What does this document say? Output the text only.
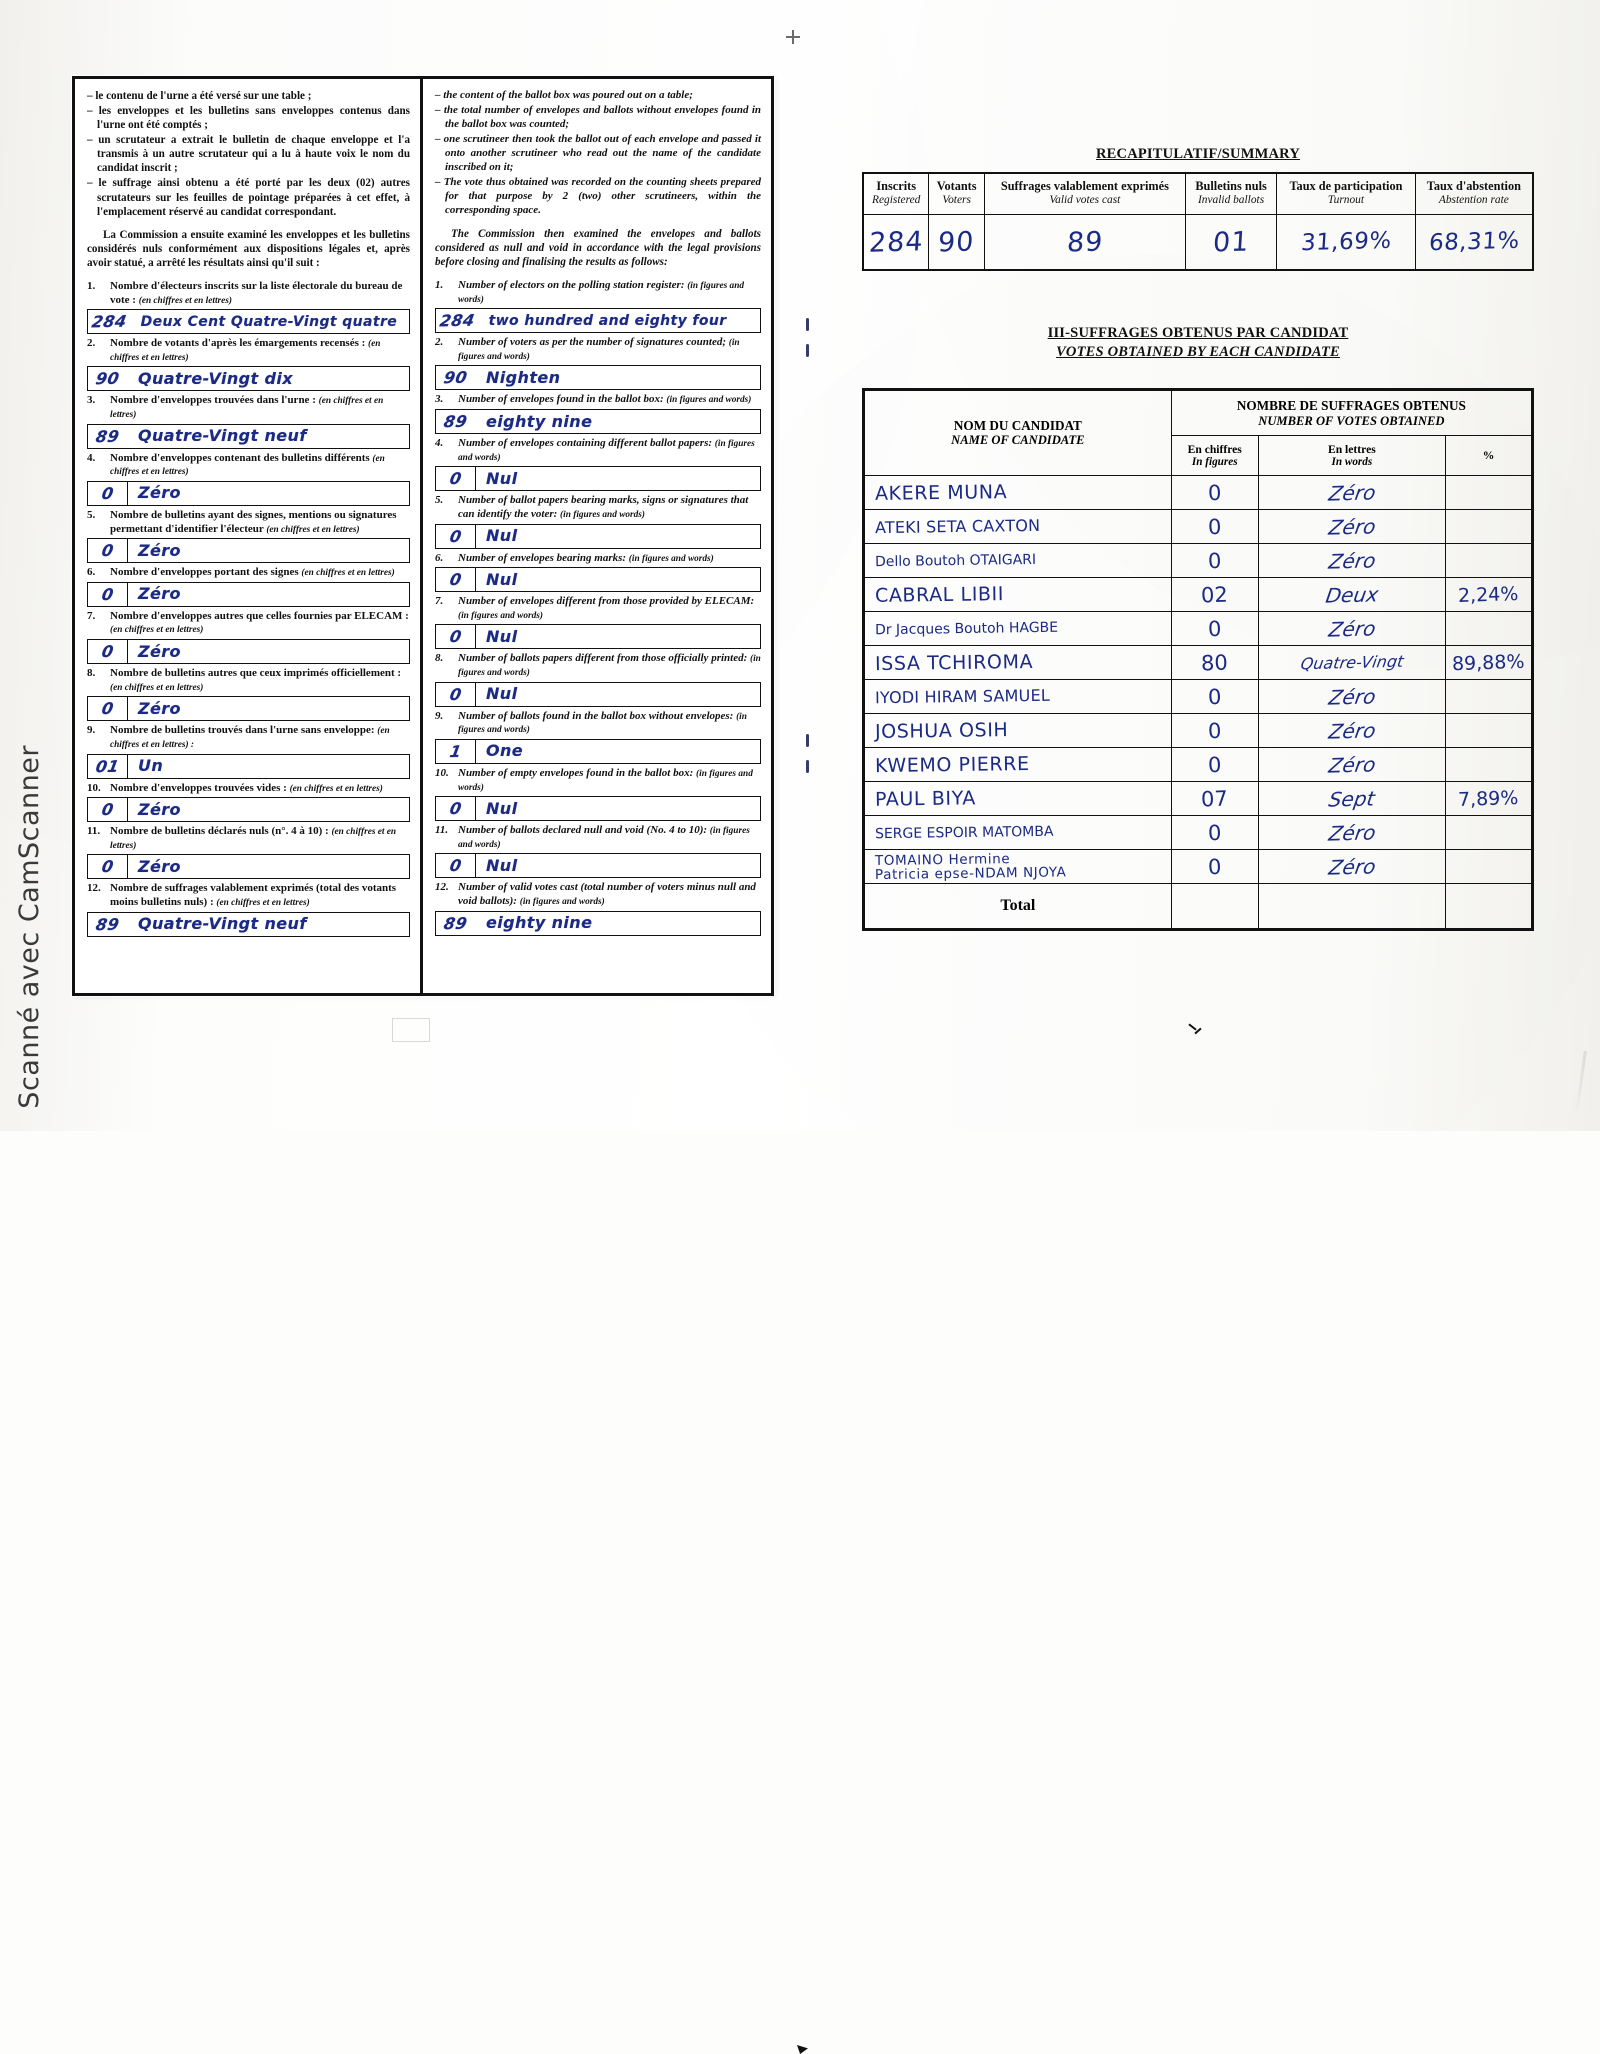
Scanné avec CamScanner
– le contenu de l'urne a été versé sur une table ;
– les enveloppes et les bulletins sans enveloppes contenus dans l'urne ont été comptés ;
– un scrutateur a extrait le bulletin de chaque enveloppe et l'a transmis à un autre scrutateur qui a lu à haute voix le nom du candidat inscrit ;
– le suffrage ainsi obtenu a été porté par les deux (02) autres scrutateurs sur les feuilles de pointage préparées à cet effet, à l'emplacement réservé au candidat correspondant.

La Commission a ensuite examiné les enveloppes et les bulletins considérés nuls conformément aux dispositions légales et, après avoir statué, a arrêté les résultats ainsi qu'il suit :

1.	Nombre d'électeurs inscrits sur la liste électorale du bureau de vote : (en chiffres et en lettres)
284 Deux Cent Quatre-Vingt quatre
2.	Nombre de votants d'après les émargements recensés : (en chiffres et en lettres)
90	Quatre-Vingt dix
3.	Nombre d'enveloppes trouvées dans l'urne : (en chiffres et en lettres)
89	Quatre-Vingt neuf
4.	Nombre d'enveloppes contenant des bulletins différents (en chiffres et en lettres)
0	Zéro
5.	Nombre de bulletins ayant des signes, mentions ou signatures permettant d'identifier l'électeur (en chiffres et en lettres)
0	Zéro
6.	Nombre d'enveloppes portant des signes (en chiffres et en lettres)
0	Zéro
7.	Nombre d'enveloppes autres que celles fournies par ELECAM : (en chiffres et en lettres)
0	Zéro
8.	Nombre de bulletins autres que ceux imprimés officiellement : (en chiffres et en lettres)
0	Zéro
9.	Nombre de bulletins trouvés dans l'urne sans enveloppe: (en chiffres et en lettres) :
01	Un
10. Nombre d'enveloppes trouvées vides : (en chiffres et en lettres)
0	Zéro
11. Nombre de bulletins déclarés nuls (n°. 4 à 10) : (en chiffres et en lettres)
0	Zéro
12. Nombre de suffrages valablement exprimés (total des votants moins bulletins nuls) : (en chiffres et en lettres)
89	Quatre-Vingt neuf
– the content of the ballot box was poured out on a table;
– the total number of envelopes and ballots without envelopes found in the ballot box was counted;
– one scrutineer then took the ballot out of each envelope and passed it onto another scrutineer who read out the name of the candidate inscribed on it;
– The vote thus obtained was recorded on the counting sheets prepared for that purpose by 2 (two) other scrutineers, within the corresponding space.

The Commission then examined the envelopes and ballots considered as null and void in accordance with the legal provisions before closing and finalising the results as follows:

1.	Number of electors on the polling station register: (in figures and words)
284 two hundred and eighty four
2.	Number of voters as per the number of signatures counted; (in figures and words)
90	Nighten
3.	Number of envelopes found in the ballot box: (in figures and words)
89	eighty nine
4.	Number of envelopes containing different ballot papers: (in figures and words)
0	Nul
5.	Number of ballot papers bearing marks, signs or signatures that can identify the voter: (in figures and words)
0	Nul
6.	Number of envelopes bearing marks: (in figures and words)
0	Nul
7.	Number of envelopes different from those provided by ELECAM: (in figures and words)
0	Nul
8.	Number of ballots papers different from those officially printed: (in figures and words)
0	Nul
9.	Number of ballots found in the ballot box without envelopes: (in figures and words)
1	One
10. Number of empty envelopes found in the ballot box: (in figures and words)
0	Nul
11. Number of ballots declared null and void (No. 4 to 10): (in figures and words)
0	Nul
12. Number of valid votes cast (total number of voters minus null and void ballots): (in figures and words)
89	eighty nine
RECAPITULATIF/SUMMARY
Inscrits
Registered

Votants
Voters

Suffrages valablement exprimés
Valid votes cast

Bulletins nuls
Invalid ballots

Taux de participation
Turnout

Taux d'abstention
Abstention rate

284	90	89	01	31,69%	68,31%
III-SUFFRAGES OBTENUS PAR CANDIDAT
VOTES OBTAINED BY EACH CANDIDATE
NOM DU CANDIDAT
NAME OF CANDIDATE

NOMBRE DE SUFFRAGES OBTENUS
NUMBER OF VOTES OBTAINED

En chiffres
In figures

En lettres
In words	%

AKERE MUNA	0	Zéro	
ATEKI SETA CAXTON	0	Zéro	
Dello Boutoh OTAIGARI	0	Zéro	
CABRAL LIBII	02	Deux	2,24%
Dr Jacques Boutoh HAGBE	0	Zéro	
ISSA TCHIROMA	80	Quatre-Vingt	89,88%
IYODI HIRAM SAMUEL	0	Zéro	
JOSHUA OSIH	0	Zéro	
KWEMO PIERRE	0	Zéro	
PAUL BIYA	07	Sept	7,89%
SERGE ESPOIR MATOMBA	0	Zéro	

TOMAINO Hermine
Patricia epse-NDAM NJOYA	0	Zéro	
Total			
